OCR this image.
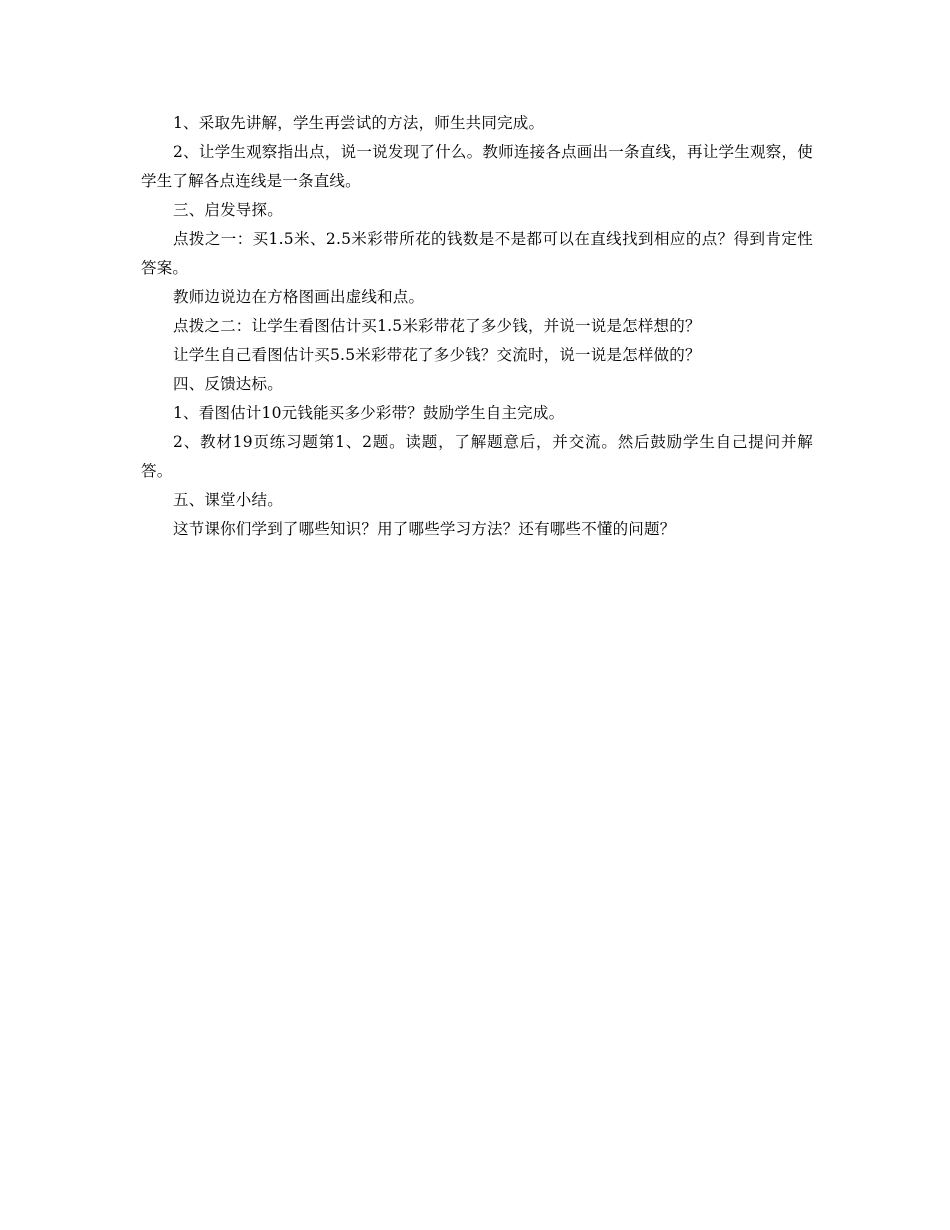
1、采取先讲解，学生再尝试的方法，师生共同完成。

2、让学生观察指出点，说一说发现了什么。教师连接各点画出一条直线，再让学生观察，使学生了解各点连线是一条直线。

三、启发导探。

点拨之一：买1.5米、2.5米彩带所花的钱数是不是都可以在直线找到相应的点？得到肯定性答案。

教师边说边在方格图画出虚线和点。

点拨之二：让学生看图估计买1.5米彩带花了多少钱，并说一说是怎样想的？

让学生自己看图估计买5.5米彩带花了多少钱？交流时，说一说是怎样做的？

四、反馈达标。

1、看图估计10元钱能买多少彩带？鼓励学生自主完成。

2、教材19页练习题第1、2题。读题，了解题意后，并交流。然后鼓励学生自己提问并解答。

五、课堂小结。

这节课你们学到了哪些知识？用了哪些学习方法？还有哪些不懂的问题？
